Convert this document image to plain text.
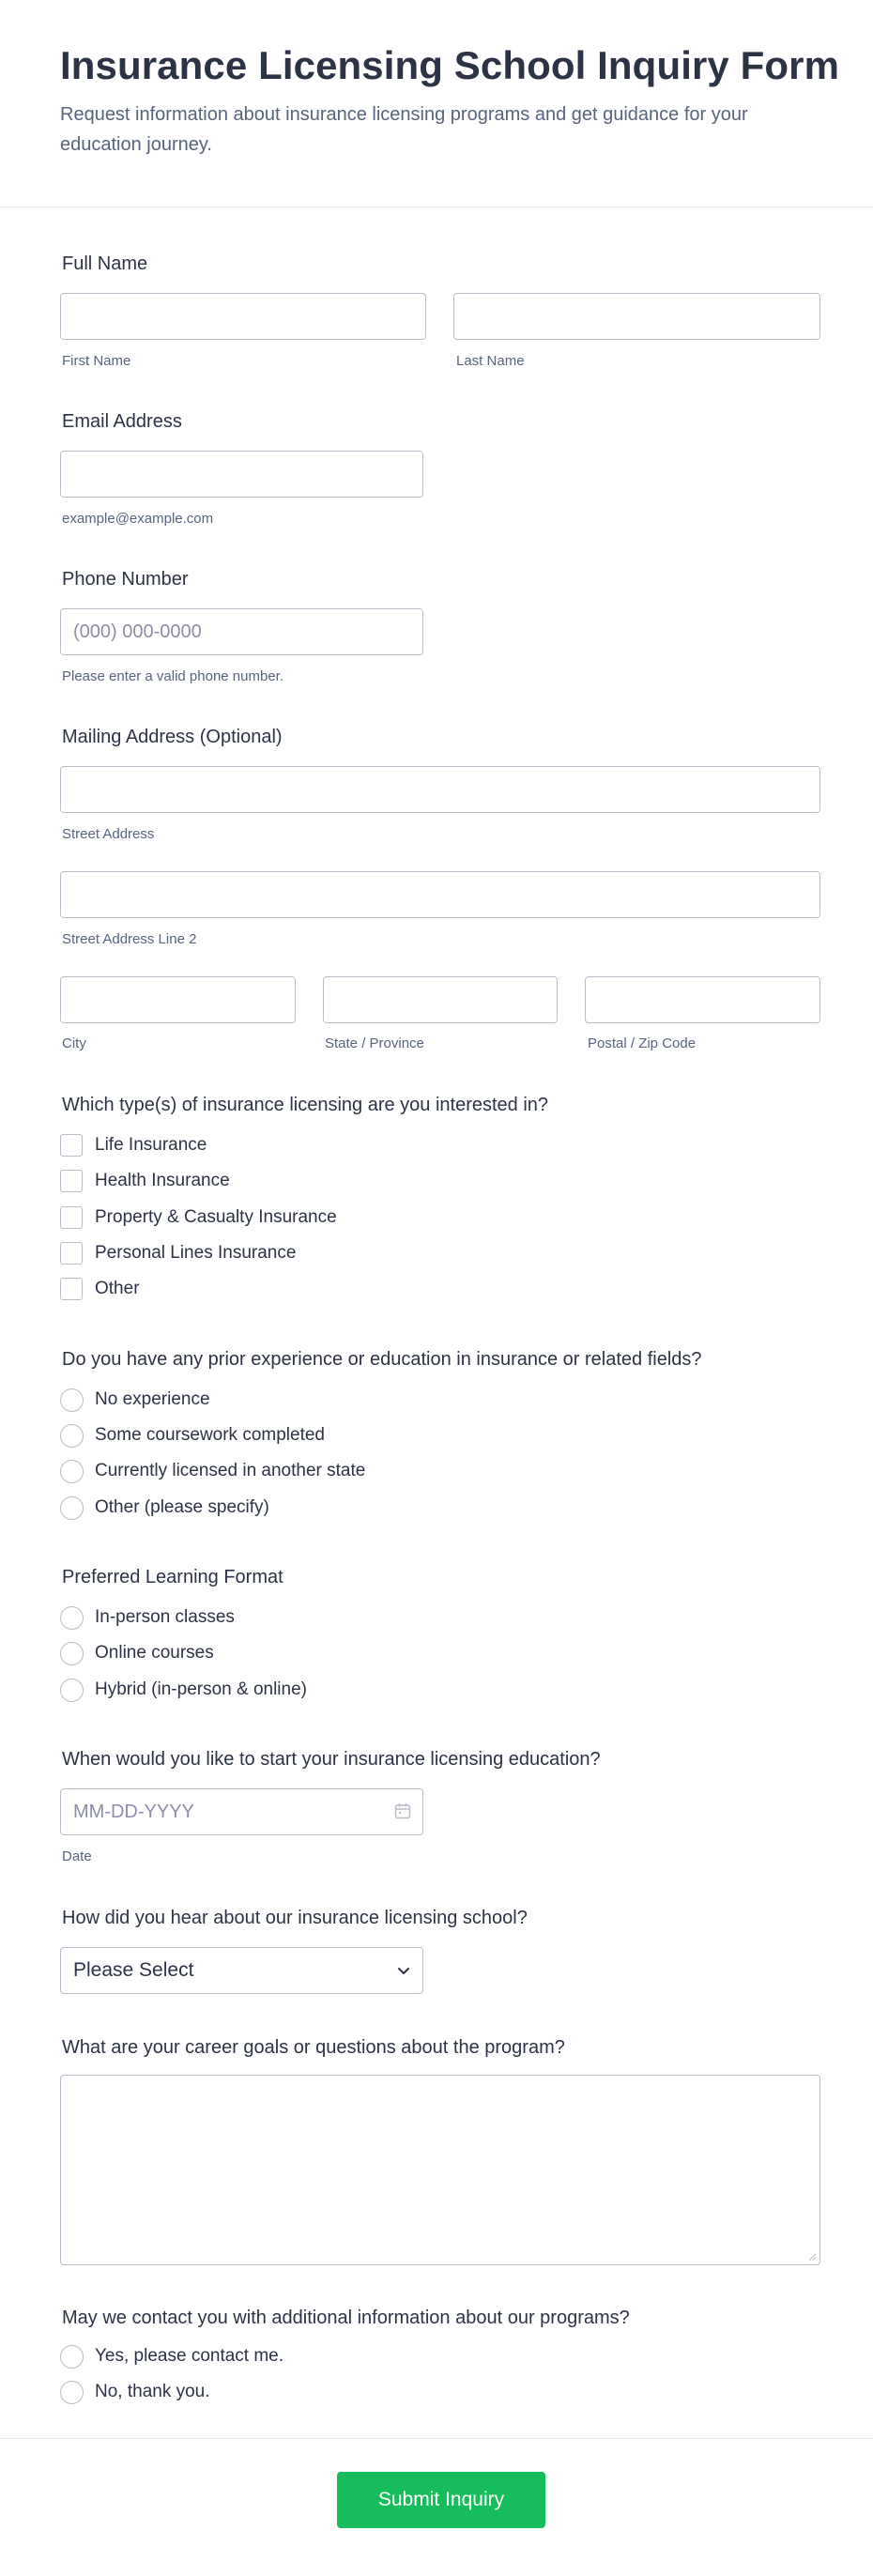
Insurance Licensing School Inquiry Form

Request information about insurance licensing programs and get guidance for your education journey.

Full Name
First Name	Last Name
Email Address
example@example.com
Phone Number
(000) 000-0000
Please enter a valid phone number.
Mailing Address (Optional)
Street Address
Street Address Line 2
City	State / Province	Postal / Zip Code
Which type(s) of insurance licensing are you interested in?
Life Insurance
Health Insurance
Property & Casualty Insurance
Personal Lines Insurance
Other
Do you have any prior experience or education in insurance or related fields?
No experience
Some coursework completed
Currently licensed in another state
Other (please specify)
Preferred Learning Format
In-person classes
Online courses
Hybrid (in-person & online)
When would you like to start your insurance licensing education?
MM-DD-YYYY
Date
How did you hear about our insurance licensing school?
Please Select
What are your career goals or questions about the program?
May we contact you with additional information about our programs?
Yes, please contact me.
No, thank you.
Submit Inquiry
